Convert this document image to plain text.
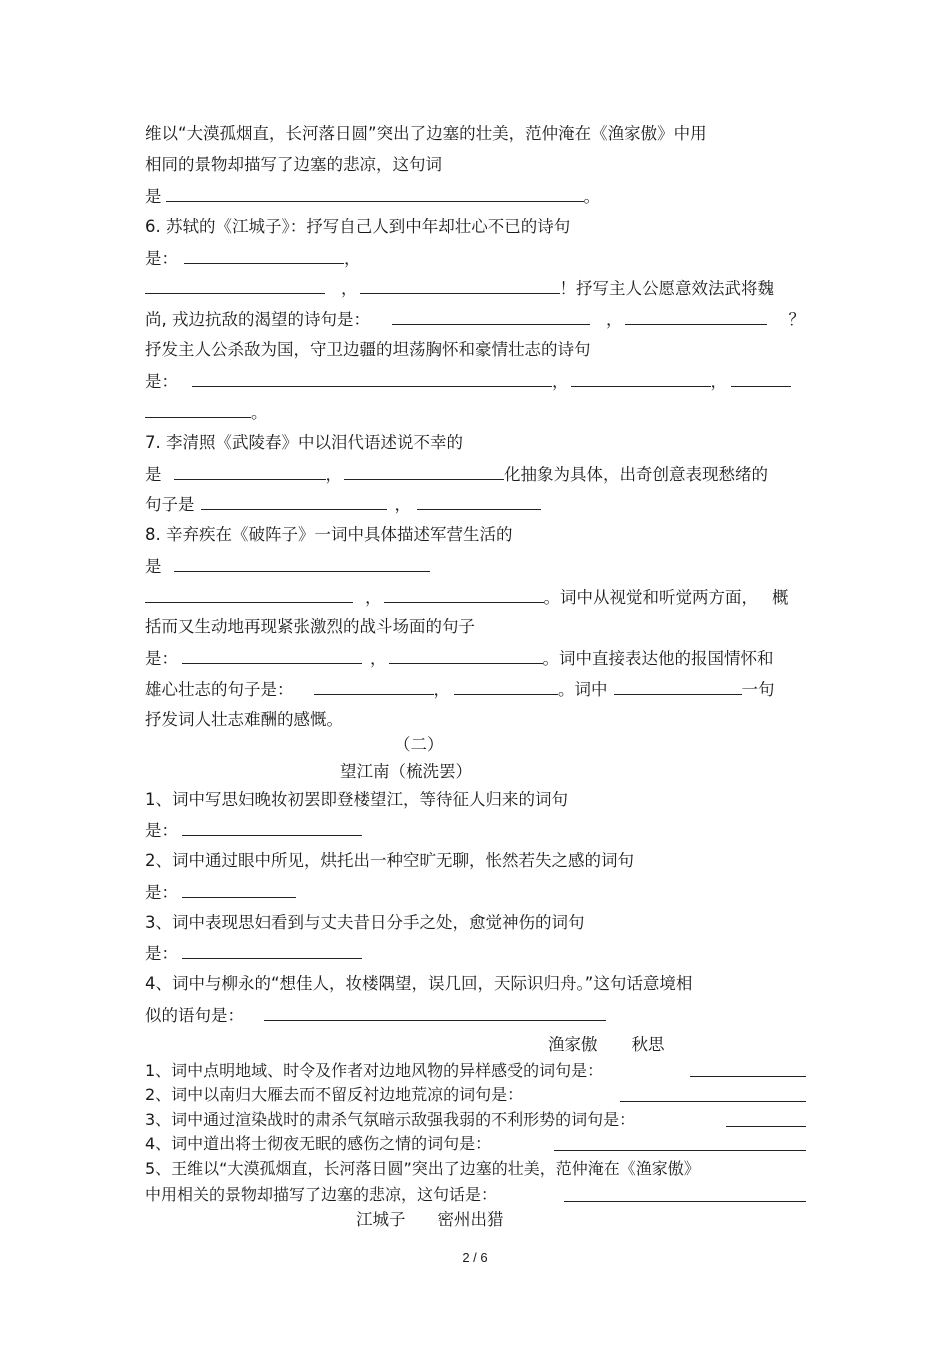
维以“大漠孤烟直，长河落日圆”突出了边塞的壮美，范仲淹在《渔家傲》中用
相同的景物却描写了边塞的悲凉，这句词
是	。
6. 苏轼的《江城子》：抒写自己人到中年却壮心不已的诗句
是：	，
，	！抒写主人公愿意效法武将魏
尚, 戎边抗敌的渴望的诗句是：	，	？
抒发主人公杀敌为国，守卫边疆的坦荡胸怀和豪情壮志的诗句
是：	，	，
。
7. 李清照《武陵春》中以泪代语述说不幸的
是	，	化抽象为具体，出奇创意表现愁绪的
句子是	，
8. 辛弃疾在《破阵子》一词中具体描述军营生活的
是
，	。词中从视觉和听觉两方面， 概
括而又生动地再现紧张激烈的战斗场面的句子
是：	，	。词中直接表达他的报国情怀和
雄心壮志的句子是：	，	。词中	一句
抒发词人壮志难酬的感慨。
（二）
望江南（梳洗罢）
1、词中写思妇晚妆初罢即登楼望江，等待征人归来的词句
是：
2、词中通过眼中所见，烘托出一种空旷无聊，怅然若失之感的词句
是：
3、词中表现思妇看到与丈夫昔日分手之处，愈觉神伤的词句
是：
4、词中与柳永的“想佳人，妆楼隅望，误几回，天际识归舟。”这句话意境相
似的语句是：
渔家傲 秋思
1、词中点明地域、时令及作者对边地风物的异样感受的词句是：
2、词中以南归大雁去而不留反衬边地荒凉的词句是：
3、词中通过渲染战时的肃杀气氛暗示敌强我弱的不利形势的词句是：
4、词中道出将士彻夜无眠的感伤之情的词句是：
5、王维以“大漠孤烟直，长河落日圆”突出了边塞的壮美，范仲淹在《渔家傲》
中用相关的景物却描写了边塞的悲凉，这句话是：
江城子 密州出猎
2 / 6
